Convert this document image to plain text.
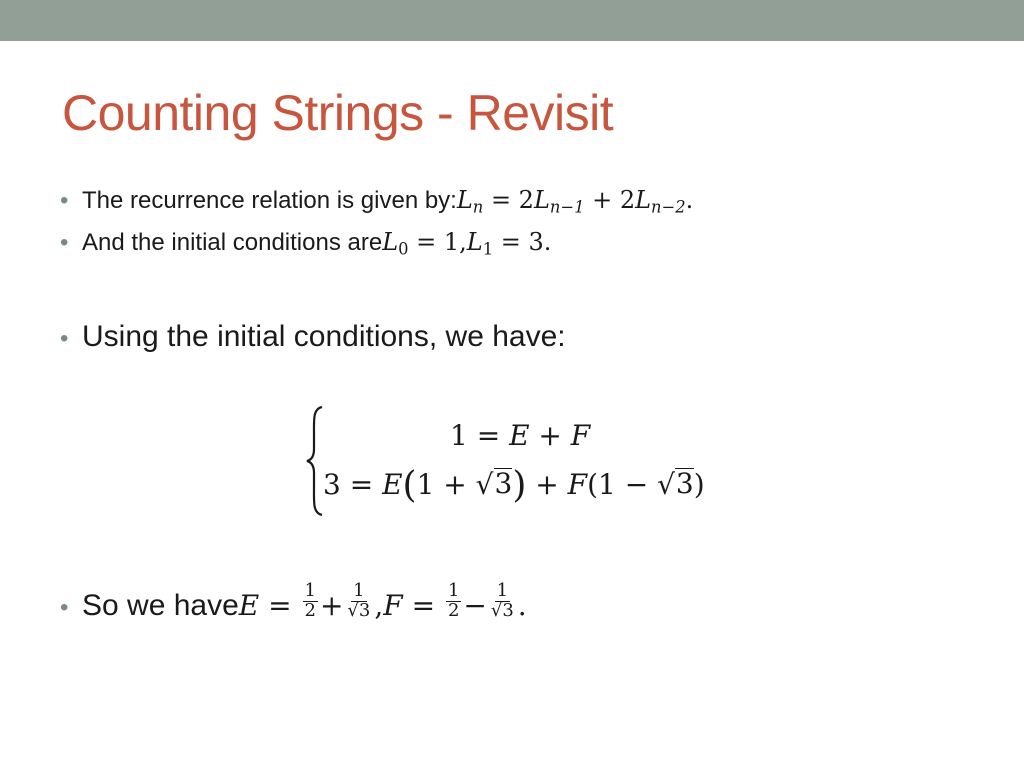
Counting Strings - Revisit
• The recurrence relation is given by: $L_n = 2L_{n-1} + 2L_{n-2}$.
• And the initial conditions are $L_0 = 1,L_1 = 3$.
• Using the initial conditions, we have:
1 = E + F
3 = E(1 + √ 3 ) + F(1 − √ 3 )
• So we have $E = \frac{1}{2} + \frac{1}{√3} ,F = \frac{1}{2} - \frac{1}{√3}$ .
